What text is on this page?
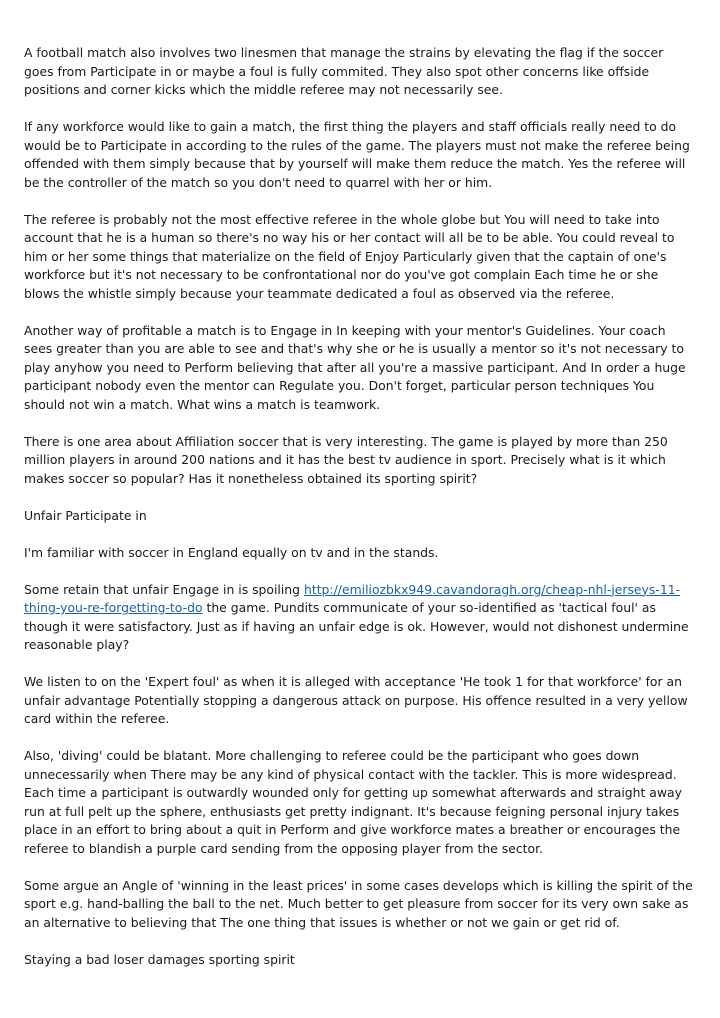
A football match also involves two linesmen that manage the strains by elevating the flag if the soccer goes from Participate in or maybe a foul is fully commited. They also spot other concerns like offside positions and corner kicks which the middle referee may not necessarily see.

If any workforce would like to gain a match, the first thing the players and staff officials really need to do would be to Participate in according to the rules of the game. The players must not make the referee being offended with them simply because that by yourself will make them reduce the match. Yes the referee will be the controller of the match so you don't need to quarrel with her or him.

The referee is probably not the most effective referee in the whole globe but You will need to take into account that he is a human so there's no way his or her contact will all be to be able. You could reveal to him or her some things that materialize on the field of Enjoy Particularly given that the captain of one's workforce but it's not necessary to be confrontational nor do you've got complain Each time he or she blows the whistle simply because your teammate dedicated a foul as observed via the referee.

Another way of profitable a match is to Engage in In keeping with your mentor's Guidelines. Your coach sees greater than you are able to see and that's why she or he is usually a mentor so it's not necessary to play anyhow you need to Perform believing that after all you're a massive participant. And In order a huge participant nobody even the mentor can Regulate you. Don't forget, particular person techniques You should not win a match. What wins a match is teamwork.

There is one area about Affiliation soccer that is very interesting. The game is played by more than 250 million players in around 200 nations and it has the best tv audience in sport. Precisely what is it which makes soccer so popular? Has it nonetheless obtained its sporting spirit?

Unfair Participate in

I'm familiar with soccer in England equally on tv and in the stands.

Some retain that unfair Engage in is spoiling http://emiliozbkx949.cavandoragh.org/cheap-nhl-jerseys-11-thing-you-re-forgetting-to-do the game. Pundits communicate of your so-identified as 'tactical foul' as though it were satisfactory. Just as if having an unfair edge is ok. However, would not dishonest undermine reasonable play?

We listen to on the 'Expert foul' as when it is alleged with acceptance 'He took 1 for that workforce' for an unfair advantage Potentially stopping a dangerous attack on purpose. His offence resulted in a very yellow card within the referee.

Also, 'diving' could be blatant. More challenging to referee could be the participant who goes down unnecessarily when There may be any kind of physical contact with the tackler. This is more widespread. Each time a participant is outwardly wounded only for getting up somewhat afterwards and straight away run at full pelt up the sphere, enthusiasts get pretty indignant. It's because feigning personal injury takes place in an effort to bring about a quit in Perform and give workforce mates a breather or encourages the referee to blandish a purple card sending from the opposing player from the sector.

Some argue an Angle of 'winning in the least prices' in some cases develops which is killing the spirit of the sport e.g. hand-balling the ball to the net. Much better to get pleasure from soccer for its very own sake as an alternative to believing that The one thing that issues is whether or not we gain or get rid of.

Staying a bad loser damages sporting spirit
